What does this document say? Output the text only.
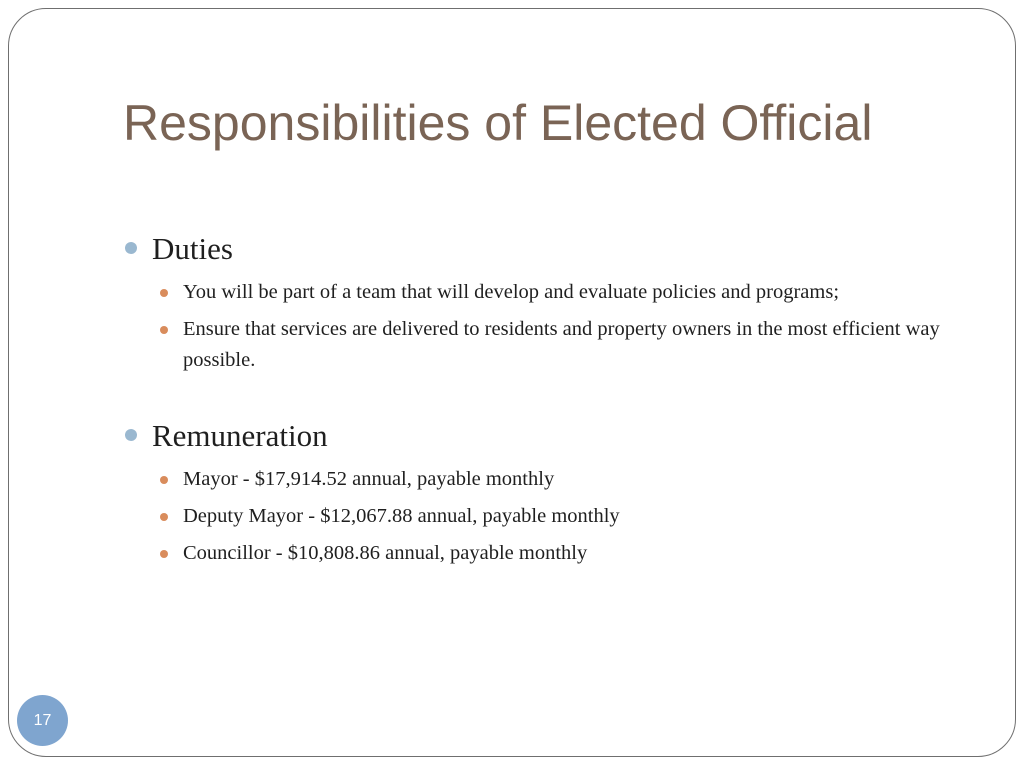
Responsibilities of Elected Official
Duties
You will be part of a team that will develop and evaluate policies and programs;
Ensure that services are delivered to residents and property owners in the most efficient way possible.
Remuneration
Mayor - $17,914.52 annual, payable monthly
Deputy Mayor - $12,067.88 annual, payable monthly
Councillor - $10,808.86 annual, payable monthly
17
